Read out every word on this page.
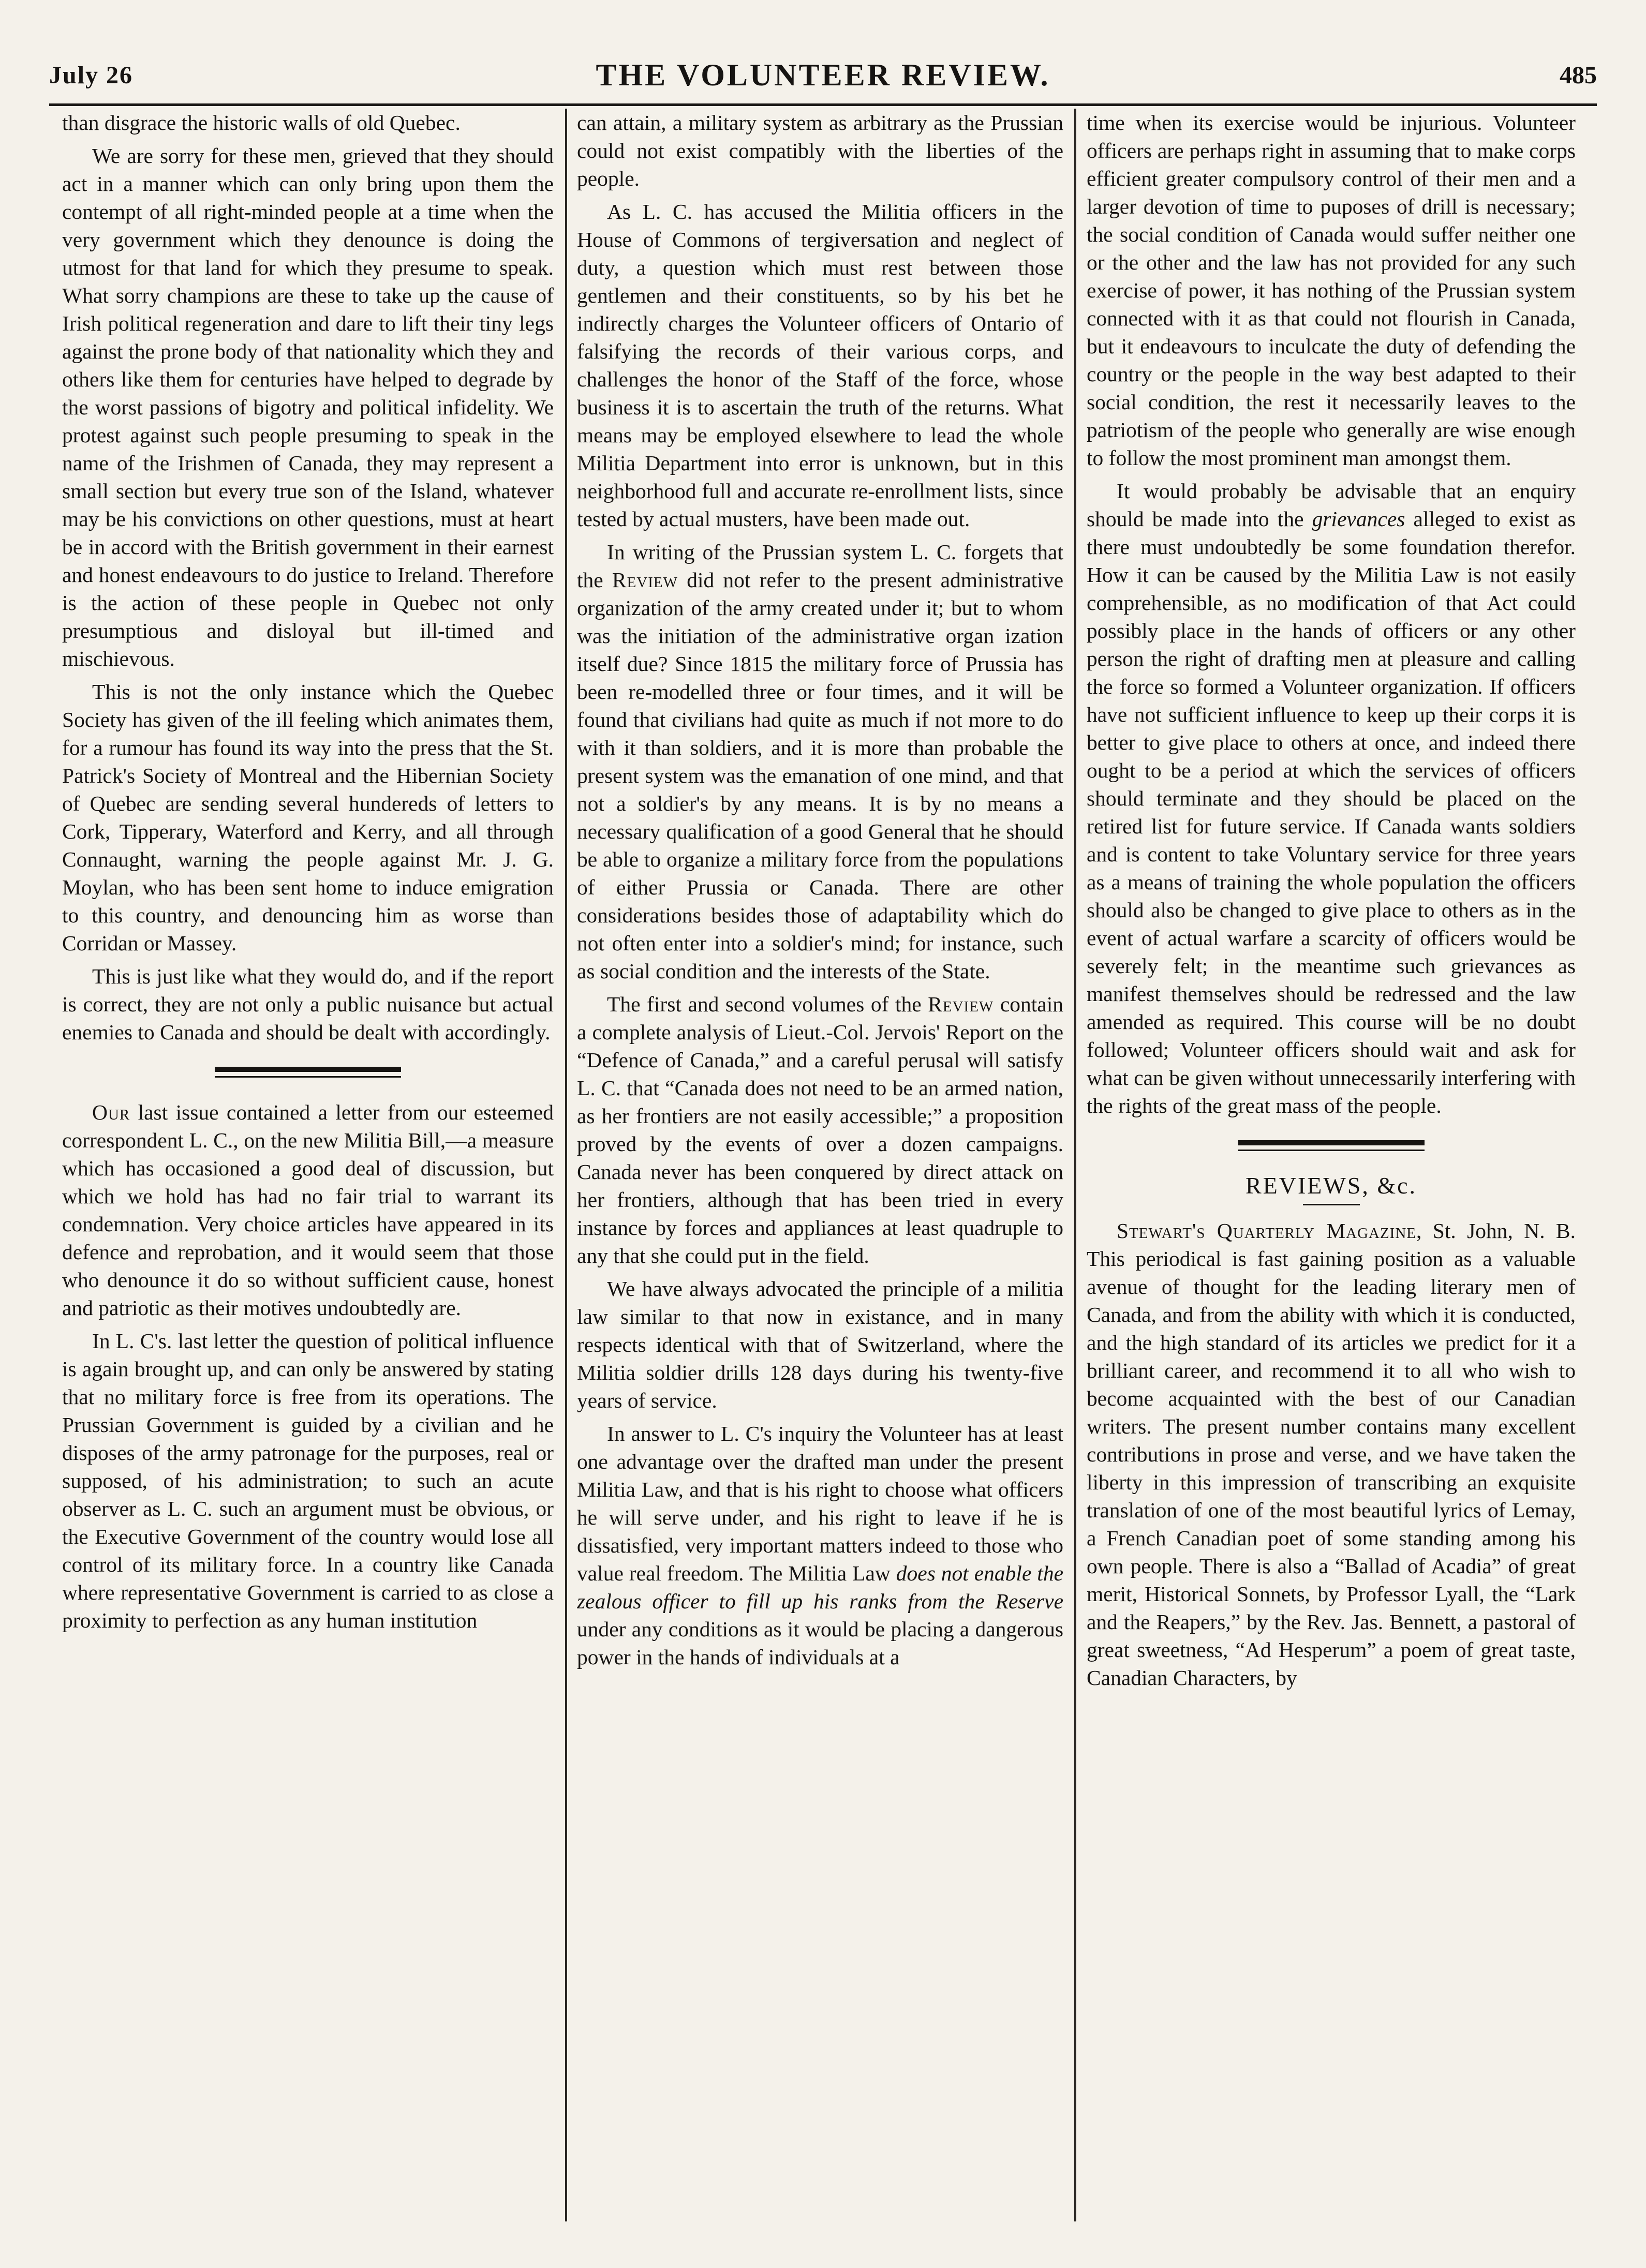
July 26	THE VOLUNTEER REVIEW.	485

than disgrace the historic walls of old Quebec.

We are sorry for these men, grieved that they should act in a manner which can only bring upon them the contempt of all right-minded people at a time when the very government which they denounce is doing the utmost for that land for which they presume to speak. What sorry champions are these to take up the cause of Irish political regeneration and dare to lift their tiny legs against the prone body of that nationality which they and others like them for centuries have helped to degrade by the worst passions of bigotry and political infidelity. We protest against such people presuming to speak in the name of the Irishmen of Canada, they may represent a small section but every true son of the Island, whatever may be his convictions on other questions, must at heart be in accord with the British government in their earnest and honest endeavours to do justice to Ireland. Therefore is the action of these people in Quebec not only presumptious and disloyal but ill-timed and mischievous.

This is not the only instance which the Quebec Society has given of the ill feeling which animates them, for a rumour has found its way into the press that the St. Patrick's Society of Montreal and the Hibernian Society of Quebec are sending several hundereds of letters to Cork, Tipperary, Waterford and Kerry, and all through Connaught, warning the people against Mr. J. G. Moylan, who has been sent home to induce emigration to this country, and denouncing him as worse than Corridan or Massey.

This is just like what they would do, and if the report is correct, they are not only a public nuisance but actual enemies to Canada and should be dealt with accordingly.

Our last issue contained a letter from our esteemed correspondent L. C., on the new Militia Bill,—a measure which has occasioned a good deal of discussion, but which we hold has had no fair trial to warrant its condemnation. Very choice articles have appeared in its defence and reprobation, and it would seem that those who denounce it do so without sufficient cause, honest and patriotic as their motives undoubtedly are.

In L. C's. last letter the question of political influence is again brought up, and can only be answered by stating that no military force is free from its operations. The Prussian Government is guided by a civilian and he disposes of the army patronage for the purposes, real or supposed, of his administration; to such an acute observer as L. C. such an argument must be obvious, or the Executive Government of the country would lose all control of its military force. In a country like Canada where representative Government is carried to as close a proximity to perfection as any human institution

can attain, a military system as arbitrary as the Prussian could not exist compatibly with the liberties of the people.

As L. C. has accused the Militia officers in the House of Commons of tergiversation and neglect of duty, a question which must rest between those gentlemen and their constituents, so by his bet he indirectly charges the Volunteer officers of Ontario of falsifying the records of their various corps, and challenges the honor of the Staff of the force, whose business it is to ascertain the truth of the returns. What means may be employed elsewhere to lead the whole Militia Department into error is unknown, but in this neighborhood full and accurate re-enrollment lists, since tested by actual musters, have been made out.

In writing of the Prussian system L. C. forgets that the Review did not refer to the present administrative organization of the army created under it; but to whom was the initiation of the administrative organ ization itself due? Since 1815 the military force of Prussia has been re-modelled three or four times, and it will be found that civilians had quite as much if not more to do with it than soldiers, and it is more than probable the present system was the emanation of one mind, and that not a soldier's by any means. It is by no means a necessary qualification of a good General that he should be able to organize a military force from the populations of either Prussia or Canada. There are other considerations besides those of adaptability which do not often enter into a soldier's mind; for instance, such as social condition and the interests of the State.

The first and second volumes of the Review contain a complete analysis of Lieut.-Col. Jervois' Report on the “Defence of Canada,” and a careful perusal will satisfy L. C. that “Canada does not need to be an armed nation, as her frontiers are not easily accessible;” a proposition proved by the events of over a dozen campaigns. Canada never has been conquered by direct attack on her frontiers, although that has been tried in every instance by forces and appliances at least quadruple to any that she could put in the field.

We have always advocated the principle of a militia law similar to that now in existance, and in many respects identical with that of Switzerland, where the Militia soldier drills 128 days during his twenty-five years of service.

In answer to L. C's inquiry the Volunteer has at least one advantage over the drafted man under the present Militia Law, and that is his right to choose what officers he will serve under, and his right to leave if he is dissatisfied, very important matters indeed to those who value real freedom. The Militia Law does not enable the zealous officer to fill up his ranks from the Reserve under any conditions as it would be placing a dangerous power in the hands of individuals at a

time when its exercise would be injurious. Volunteer officers are perhaps right in assuming that to make corps efficient greater compulsory control of their men and a larger devotion of time to puposes of drill is necessary; the social condition of Canada would suffer neither one or the other and the law has not provided for any such exercise of power, it has nothing of the Prussian system connected with it as that could not flourish in Canada, but it endeavours to inculcate the duty of defending the country or the people in the way best adapted to their social condition, the rest it necessarily leaves to the patriotism of the people who generally are wise enough to follow the most prominent man amongst them.

It would probably be advisable that an enquiry should be made into the grievances alleged to exist as there must undoubtedly be some foundation therefor. How it can be caused by the Militia Law is not easily comprehensible, as no modification of that Act could possibly place in the hands of officers or any other person the right of drafting men at pleasure and calling the force so formed a Volunteer organization. If officers have not sufficient influence to keep up their corps it is better to give place to others at once, and indeed there ought to be a period at which the services of officers should terminate and they should be placed on the retired list for future service. If Canada wants soldiers and is content to take Voluntary service for three years as a means of training the whole population the officers should also be changed to give place to others as in the event of actual warfare a scarcity of officers would be severely felt; in the meantime such grievances as manifest themselves should be redressed and the law amended as required. This course will be no doubt followed; Volunteer officers should wait and ask for what can be given without unnecessarily interfering with the rights of the great mass of the people.

REVIEWS, &c.

Stewart's Quarterly Magazine, St. John, N. B. This periodical is fast gaining position as a valuable avenue of thought for the leading literary men of Canada, and from the ability with which it is conducted, and the high standard of its articles we predict for it a brilliant career, and recommend it to all who wish to become acquainted with the best of our Canadian writers. The present number contains many excellent contributions in prose and verse, and we have taken the liberty in this impression of transcribing an exquisite translation of one of the most beautiful lyrics of Lemay, a French Canadian poet of some standing among his own people. There is also a “Ballad of Acadia” of great merit, Historical Sonnets, by Professor Lyall, the “Lark and the Reapers,” by the Rev. Jas. Bennett, a pastoral of great sweetness, “Ad Hesperum” a poem of great taste, Canadian Characters, by
